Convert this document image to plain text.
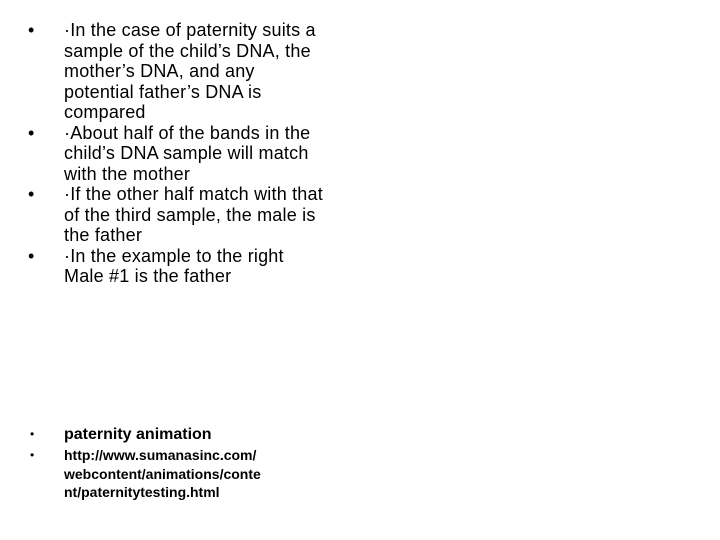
•	·In the case of paternity suits a sample of the child’s DNA, the mother’s DNA, and any potential father’s DNA is compared
•	·About half of the bands in the child’s DNA sample will match with the mother
•	·If the other half match with that of the third sample, the male is the father
•	·In the example to the right Male #1 is the father
• paternity animation
• http://www.sumanasinc.com/
webcontent/animations/conte
nt/paternitytesting.html
